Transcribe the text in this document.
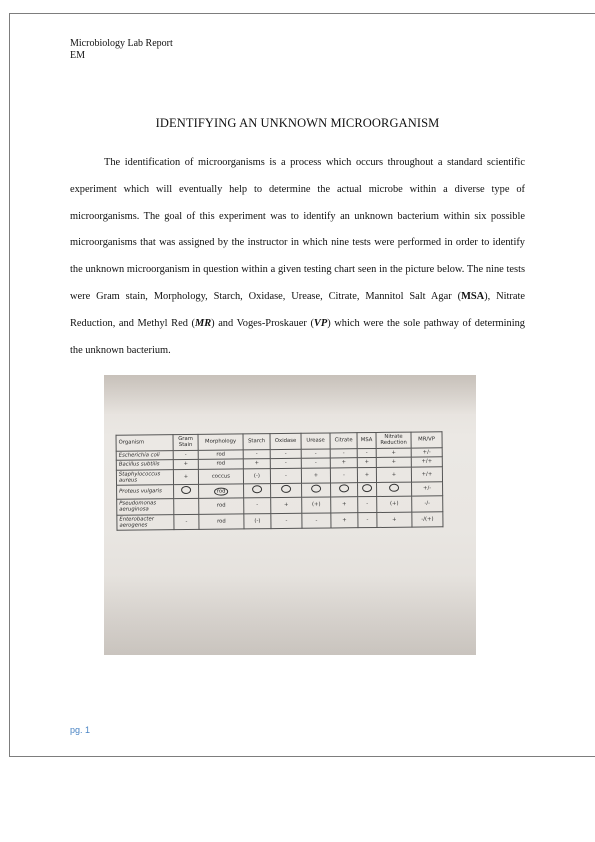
Microbiology Lab Report
EM
IDENTIFYING AN UNKNOWN MICROORGANISM

The identification of microorganisms is a process which occurs throughout a standard scientific experiment which will eventually help to determine the actual microbe within a diverse type of microorganisms. The goal of this experiment was to identify an unknown bacterium within six possible microorganisms that was assigned by the instructor in which nine tests were performed in order to identify the unknown microorganism in question within a given testing chart seen in the picture below. The nine tests were Gram stain, Morphology, Starch, Oxidase, Urease, Citrate, Mannitol Salt Agar (MSA), Nitrate Reduction, and Methyl Red (MR) and Voges-Proskauer (VP) which were the sole pathway of determining the unknown bacterium.

Organism	Gram Stain	Morphology	Starch	Oxidase	Urease	Citrate	MSA	Nitrate Reduction	MR/VP
Escherichia coli	-	rod	-	-	-	-	-	+	+/-
Bacillus subtilis	+	rod	+	-	-	+	+	+	+/+
Staphylococcus aureus	+	coccus	(-)	-	+	-	+	+	+/+
Proteus vulgaris		rod							+/-
Pseudomonas aeruginosa		rod	-	+	(+)	+	-	(+)	-/-
Enterobacter aerogenes	-	rod	(-)	-	-	+	-	+	-/(+)
pg. 1
